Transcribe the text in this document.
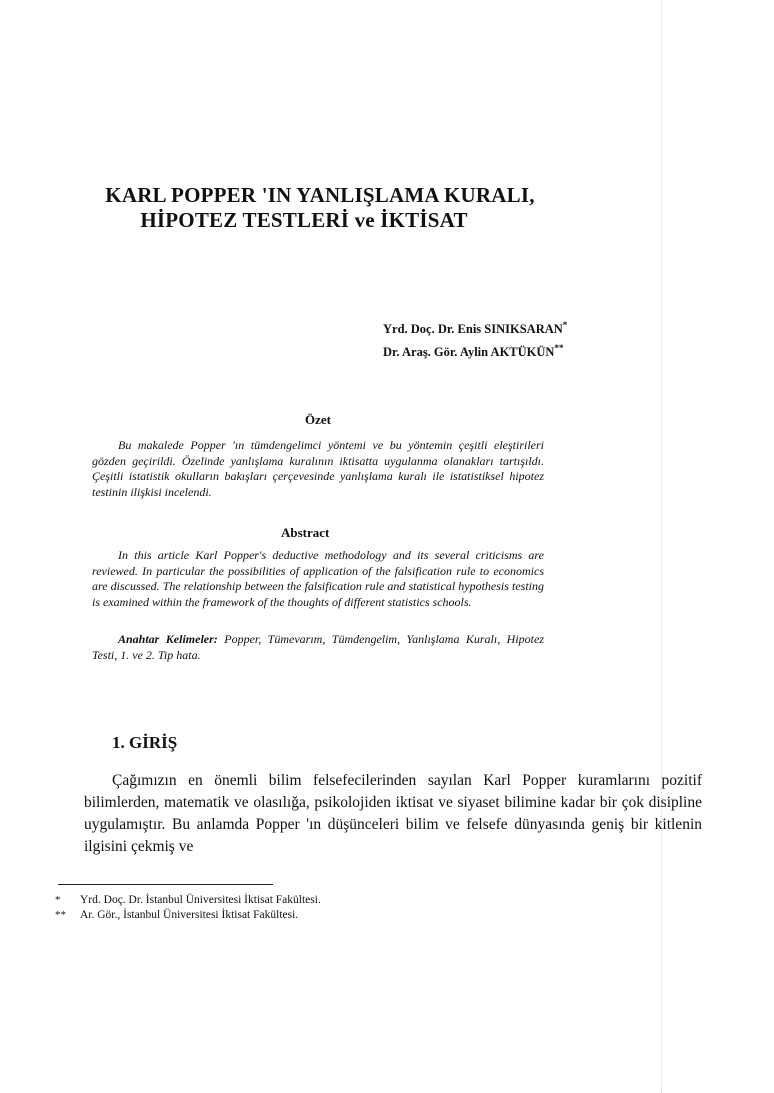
KARL POPPER 'IN YANLIŞLAMA KURALI,
HİPOTEZ TESTLERİ ve İKTİSAT
Yrd. Doç. Dr. Enis SINIKSARAN*
Dr. Araş. Gör. Aylin AKTÜKÜN**
Özet

Bu makalede Popper 'ın tümdengelimci yöntemi ve bu yöntemin çeşitli eleştirileri gözden geçirildi. Özelinde yanlışlama kuralının iktisatta uygulanma olanakları tartışıldı. Çeşitli istatistik okulların bakışları çerçevesinde yanlışlama kuralı ile istatistiksel hipotez testinin ilişkisi incelendi.

Abstract

In this article Karl Popper's deductive methodology and its several criticisms are reviewed. In particular the possibilities of application of the falsification rule to economics are discussed. The relationship between the falsification rule and statistical hypothesis testing is examined within the framework of the thoughts of different statistics schools.

Anahtar Kelimeler: Popper, Tümevarım, Tümdengelim, Yanlışlama Kuralı, Hipotez Testi, 1. ve 2. Tip hata.

1. GİRİŞ

Çağımızın en önemli bilim felsefecilerinden sayılan Karl Popper kuramlarını pozitif bilimlerden, matematik ve olasılığa, psikolojiden iktisat ve siyaset bilimine kadar bir çok disipline uygulamıştır. Bu anlamda Popper 'ın düşünceleri bilim ve felsefe dünyasında geniş bir kitlenin ilgisini çekmiş ve

*	Yrd. Doç. Dr. İstanbul Üniversitesi İktisat Fakültesi.
**	Ar. Gör., İstanbul Üniversitesi İktisat Fakültesi.
